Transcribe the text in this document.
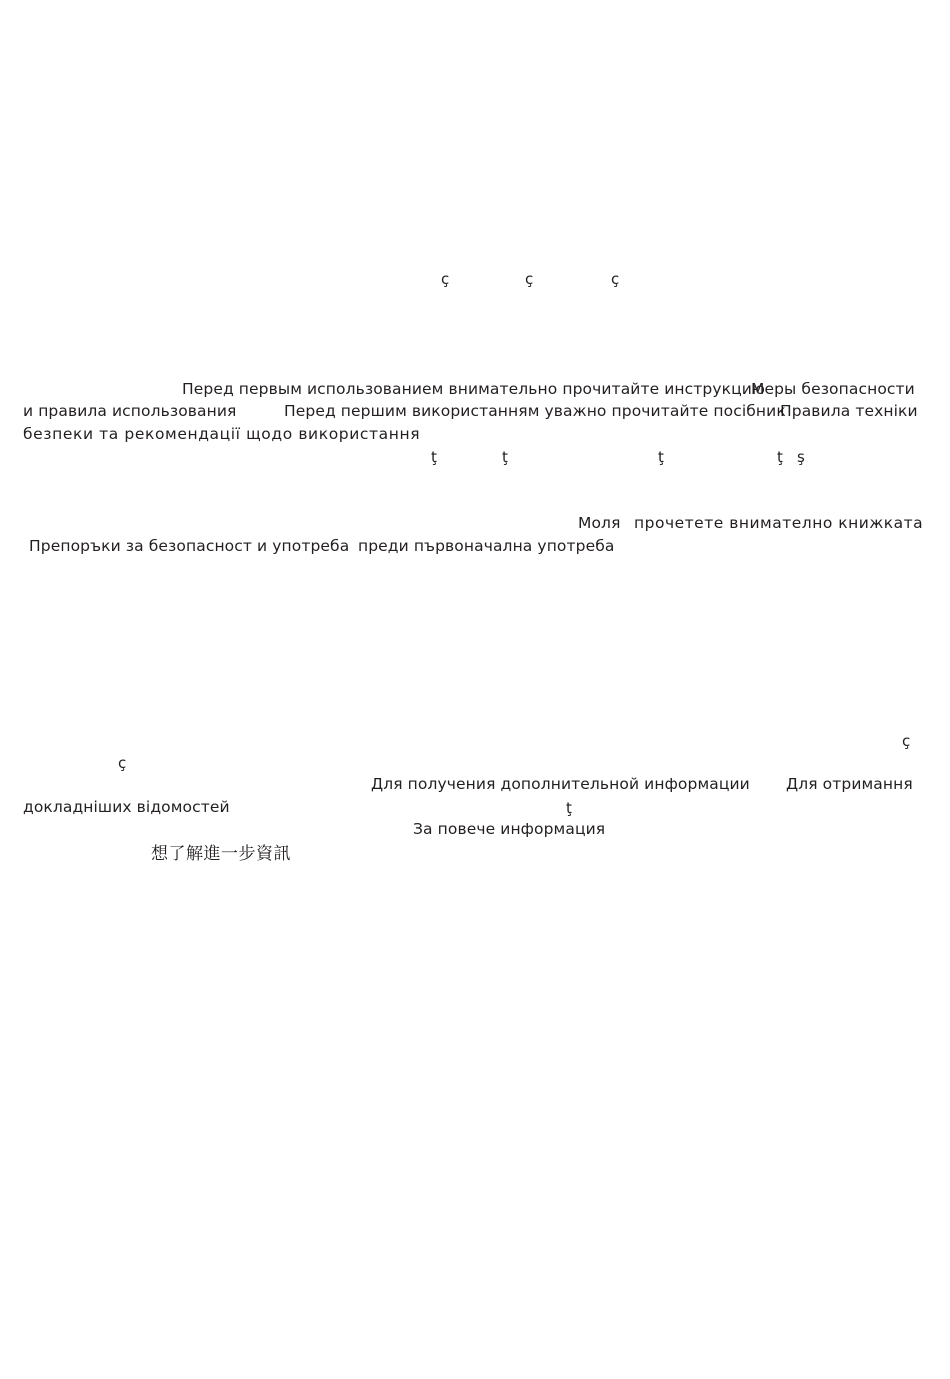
ç	ç	ç
Перед первым использованием внимательно прочитайте инструкцию
Меры безопасности
и правила использования	Перед першим використанням уважно прочитайте посібник
Правила техніки
безпеки та рекомендації щодо використання
ţ	ţ	ţ	ţ ş
Моля прочетете внимателно книжката
Препоръки за безопасност и употреба преди първоначална употреба
ç
ç
Для получения дополнительной информации Для отримання
докладніших відомостей	ţ
За повече информация
想了解進一步資訊
